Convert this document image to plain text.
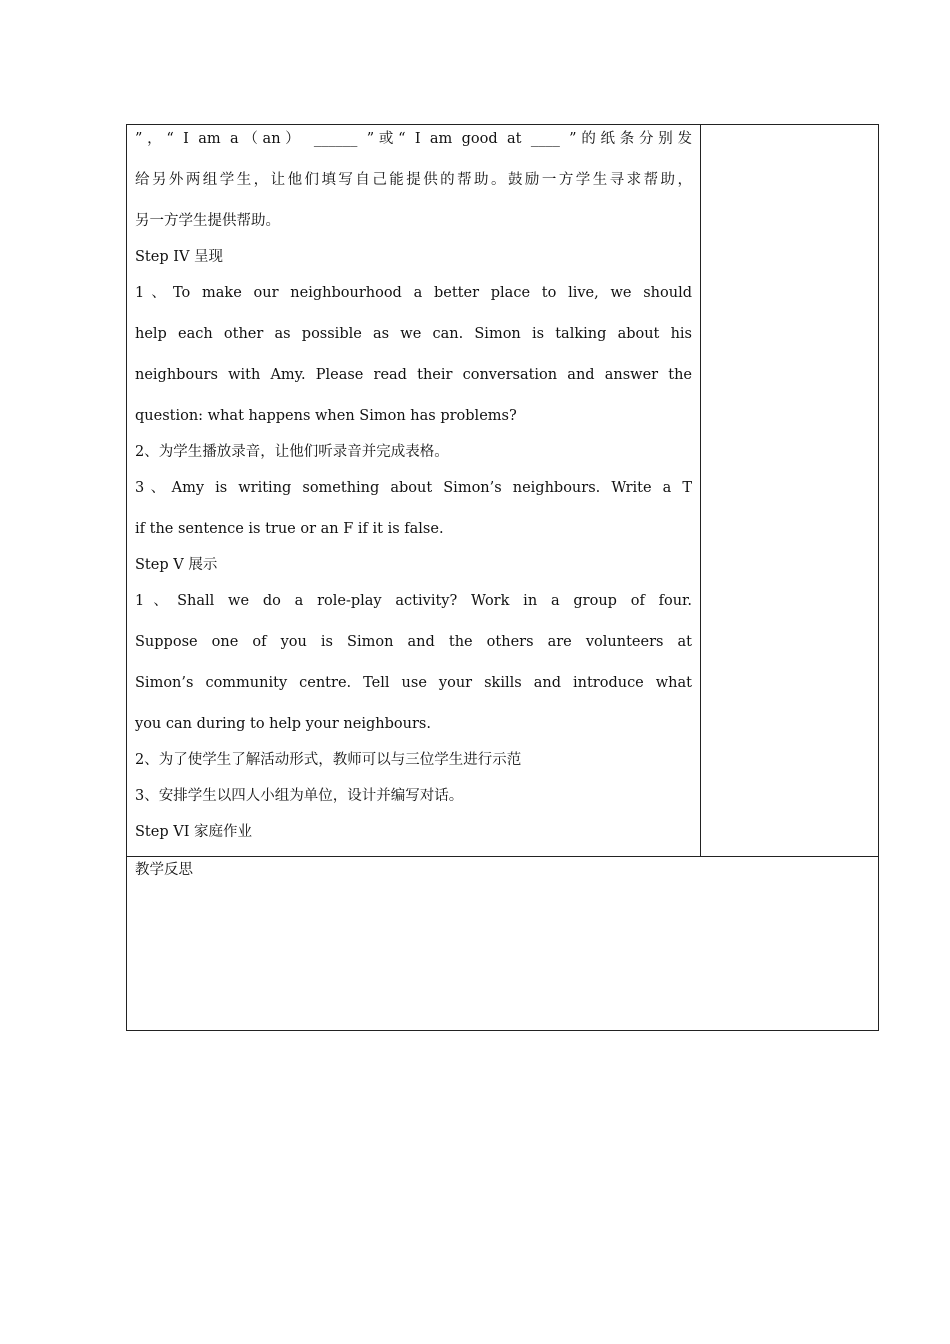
”，“ I am a（an） ______ ”或“ I am good at ____ ”的纸条分别发
给另外两组学生，让他们填写自己能提供的帮助。鼓励一方学生寻求帮助，
另一方学生提供帮助。
Step IV 呈现
1、To make our neighbourhood a better place to live, we should
help each other as possible as we can. Simon is talking about his
neighbours with Amy. Please read their conversation and answer the
question: what happens when Simon has problems?
2、为学生播放录音，让他们听录音并完成表格。
3、Amy is writing something about Simon’s neighbours. Write a T
if the sentence is true or an F if it is false.
Step V 展示
1、Shall we do a role-play activity? Work in a group of four.
Suppose one of you is Simon and the others are volunteers at
Simon’s community centre. Tell use your skills and introduce what
you can during to help your neighbours.
2、为了使学生了解活动形式，教师可以与三位学生进行示范
3、安排学生以四人小组为单位，设计并编写对话。
Step VI 家庭作业
教学反思
